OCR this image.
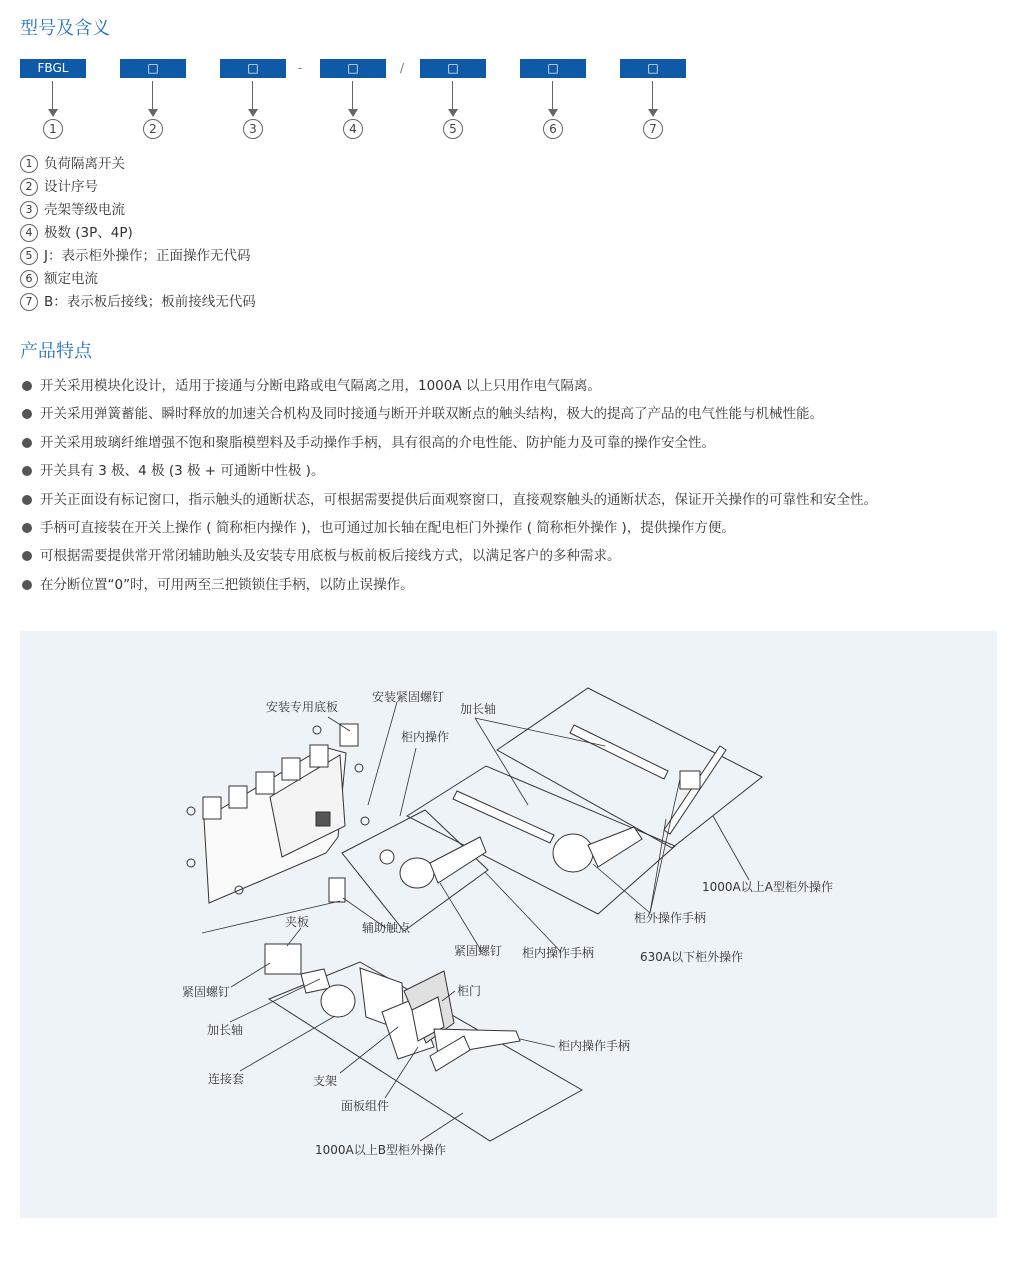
型号及含义
FBGL	□	□	-	□	/	□	□	□
1	2	3	4	5	6	7
1 负荷隔离开关
2 设计序号
3 壳架等级电流
4 极数 (3P、4P)
5 J：表示柜外操作；正面操作无代码
6 额定电流
7 B：表示板后接线；板前接线无代码
产品特点
开关采用模块化设计，适用于接通与分断电路或电气隔离之用，1000A 以上只用作电气隔离。
开关采用弹簧蓄能、瞬时释放的加速关合机构及同时接通与断开并联双断点的触头结构，极大的提高了产品的电气性能与机械性能。
开关采用玻璃纤维增强不饱和聚脂模塑料及手动操作手柄，具有很高的介电性能、防护能力及可靠的操作安全性。
开关具有 3 极、4 极 (3 极 + 可通断中性极 )。
开关正面设有标记窗口，指示触头的通断状态，可根据需要提供后面观察窗口，直接观察触头的通断状态，保证开关操作的可靠性和安全性。
手柄可直接装在开关上操作 ( 简称柜内操作 )，也可通过加长轴在配电柜门外操作 ( 简称柜外操作 )，提供操作方便。
可根据需要提供常开常闭辅助触头及安装专用底板与板前板后接线方式，以满足客户的多种需求。
在分断位置“0”时，可用两至三把锁锁住手柄，以防止误操作。
安装专用底板
安装紧固螺钉
加长轴
柜内操作
1000A以上A型柜外操作
柜外操作手柄
630A以下柜外操作
辅助触点
夹板
紧固螺钉 柜内操作手柄
紧固螺钉	柜门
加长轴
柜内操作手柄
连接套	支架
面板组件
1000A以上B型柜外操作
